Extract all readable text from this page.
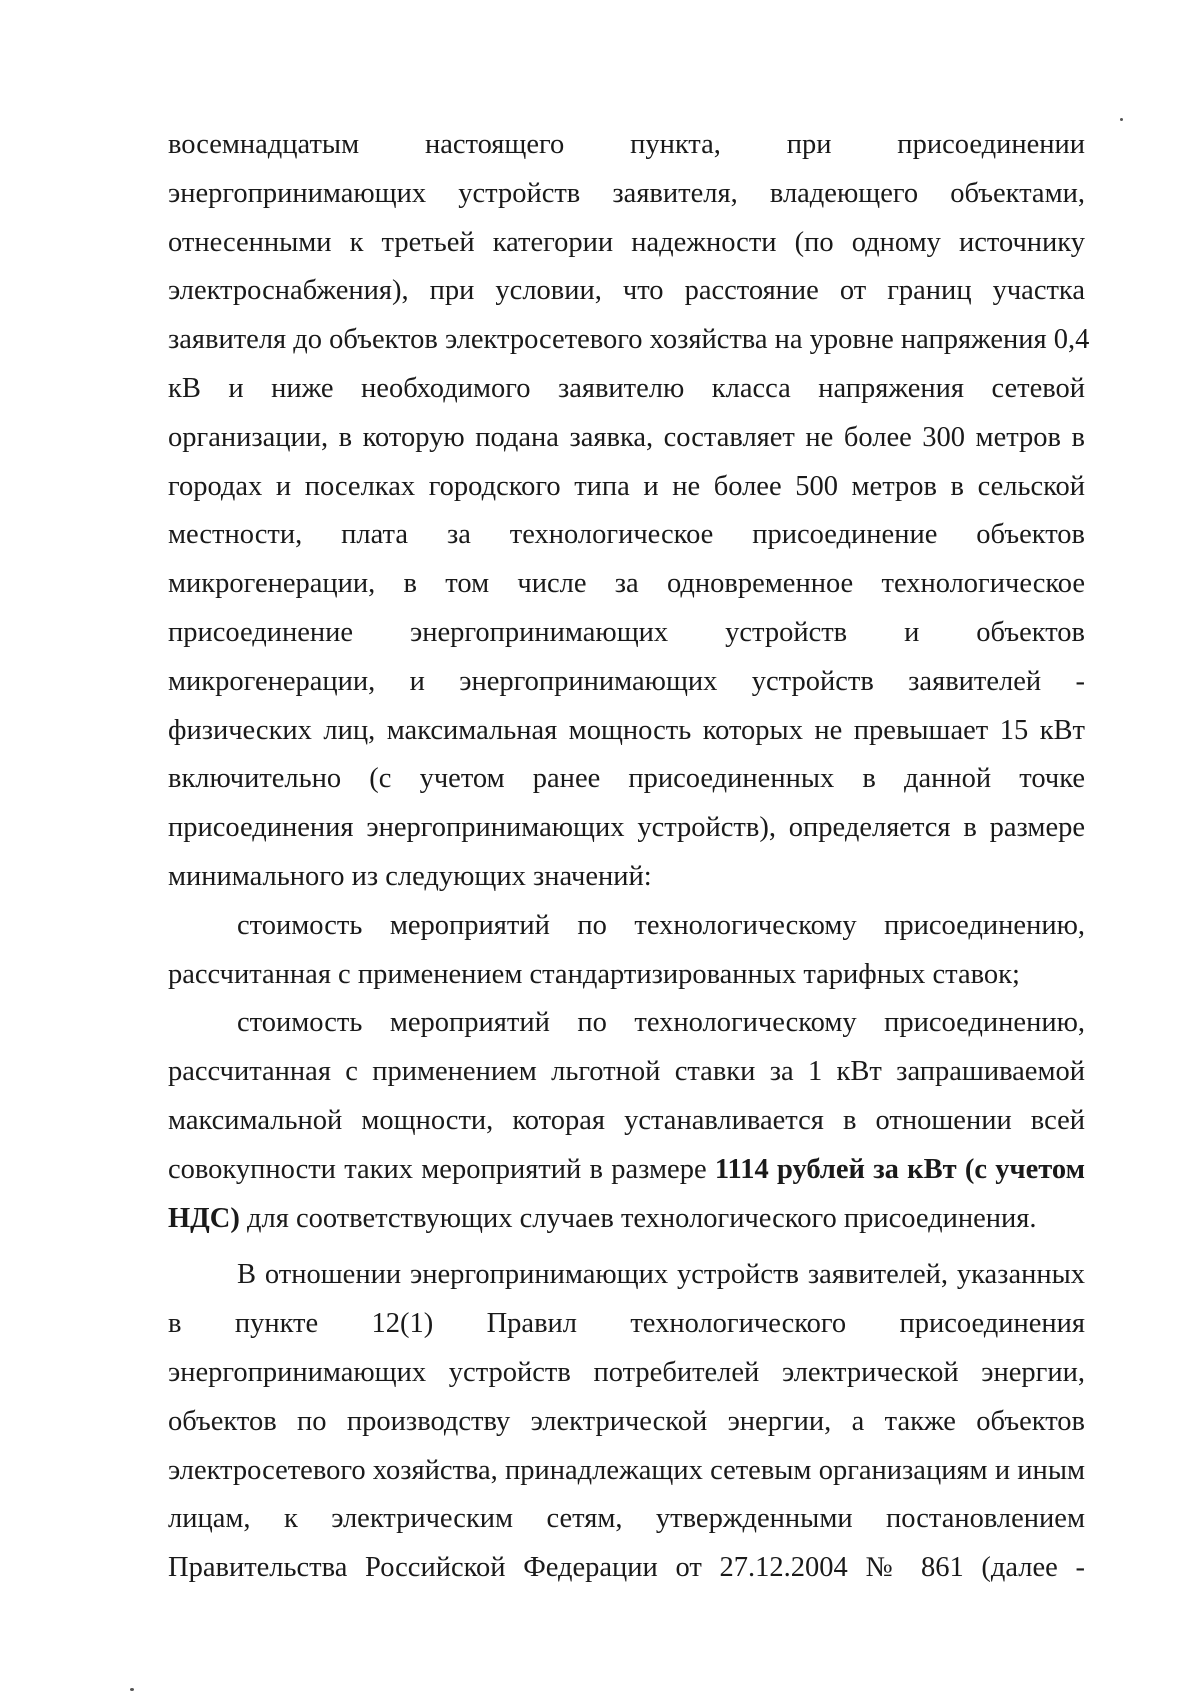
восемнадцатым настоящего пункта, при присоединении
энергопринимающих устройств заявителя, владеющего объектами,
отнесенными к третьей категории надежности (по одному источнику
электроснабжения), при условии, что расстояние от границ участка
заявителя до объектов электросетевого хозяйства на уровне напряжения 0,4
кВ и ниже необходимого заявителю класса напряжения сетевой
организации, в которую подана заявка, составляет не более 300 метров в
городах и поселках городского типа и не более 500 метров в сельской
местности, плата за технологическое присоединение объектов
микрогенерации, в том числе за одновременное технологическое
присоединение энергопринимающих устройств и объектов
микрогенерации, и энергопринимающих устройств заявителей -
физических лиц, максимальная мощность которых не превышает 15 кВт
включительно (с учетом ранее присоединенных в данной точке
присоединения энергопринимающих устройств), определяется в размере
минимального из следующих значений:
стоимость мероприятий по технологическому присоединению,
рассчитанная с применением стандартизированных тарифных ставок;
стоимость мероприятий по технологическому присоединению,
рассчитанная с применением льготной ставки за 1 кВт запрашиваемой
максимальной мощности, которая устанавливается в отношении всей
совокупности таких мероприятий в размере 1114 рублей за кВт (с учетом
НДС) для соответствующих случаев технологического присоединения.
В отношении энергопринимающих устройств заявителей, указанных
в пункте 12(1) Правил технологического присоединения
энергопринимающих устройств потребителей электрической энергии,
объектов по производству электрической энергии, а также объектов
электросетевого хозяйства, принадлежащих сетевым организациям и иным
лицам, к электрическим сетям, утвержденными постановлением
Правительства Российской Федерации от 27.12.2004 № 861 (далее -
